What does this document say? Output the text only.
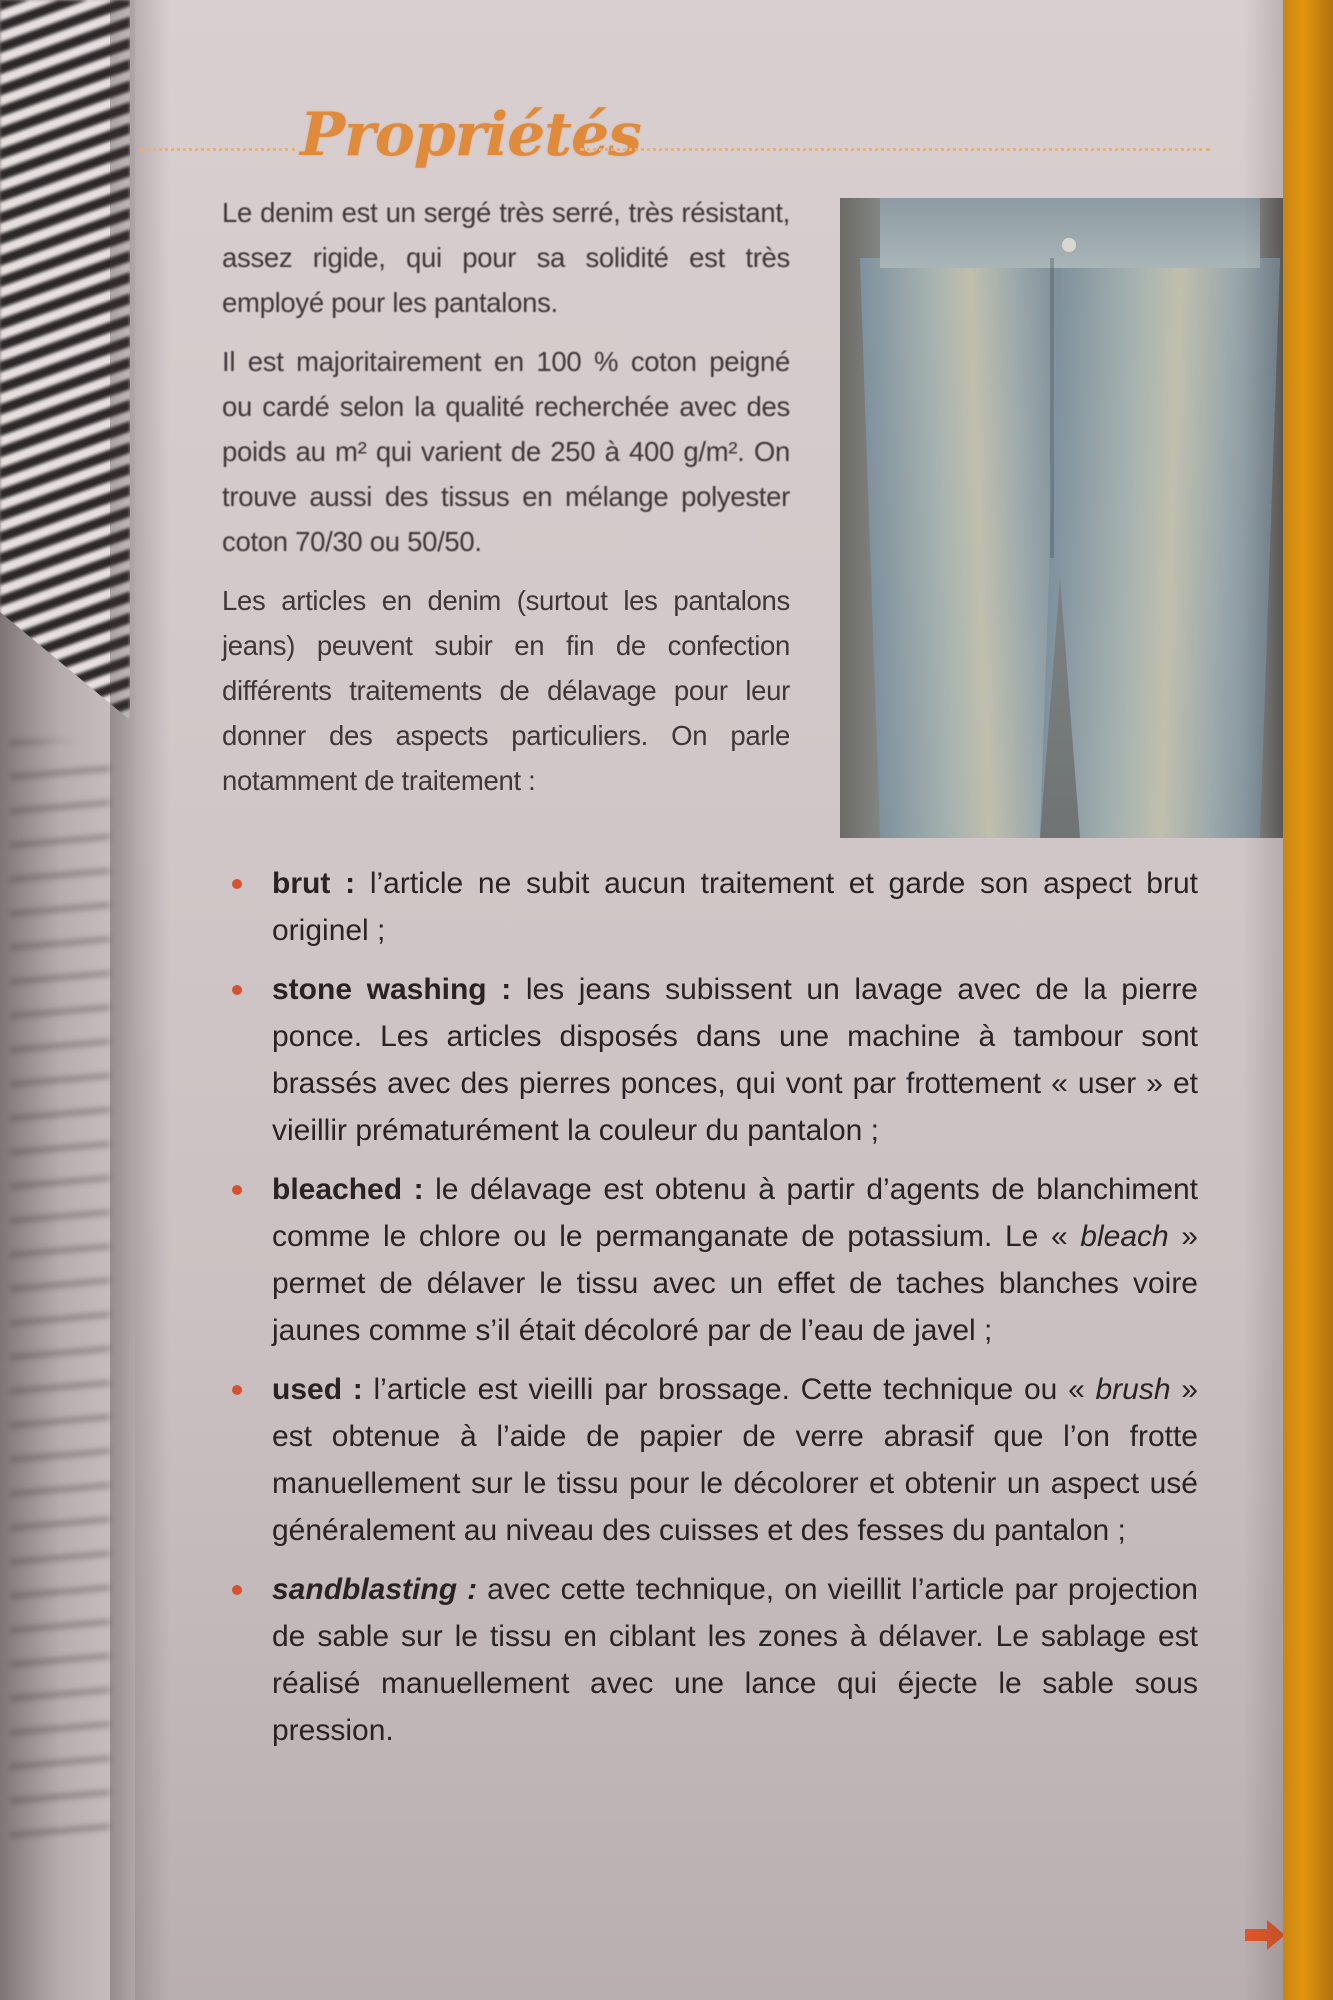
Propriétés

Le denim est un sergé très serré, très résistant, assez rigide, qui pour sa solidité est très employé pour les pantalons.

Il est majoritairement en 100 % coton peigné ou cardé selon la qualité recherchée avec des poids au m² qui varient de 250 à 400 g/m². On trouve aussi des tissus en mélange polyester coton 70/30 ou 50/50.

Les articles en denim (surtout les pantalons jeans) peuvent subir en fin de confection différents traitements de délavage pour leur donner des aspects particuliers. On parle notamment de traitement :

brut : l’article ne subit aucun traitement et garde son aspect brut originel ;
stone washing : les jeans subissent un lavage avec de la pierre ponce. Les articles disposés dans une machine à tambour sont brassés avec des pierres ponces, qui vont par frottement « user » et vieillir prématurément la couleur du pantalon ;
bleached : le délavage est obtenu à partir d’agents de blanchiment comme le chlore ou le permanganate de potassium. Le « bleach » permet de délaver le tissu avec un effet de taches blanches voire jaunes comme s’il était décoloré par de l’eau de javel ;
used : l’article est vieilli par brossage. Cette technique ou « brush » est obtenue à l’aide de papier de verre abrasif que l’on frotte manuellement sur le tissu pour le décolorer et obtenir un aspect usé généralement au niveau des cuisses et des fesses du pantalon ;
sandblasting : avec cette technique, on vieillit l’article par projection de sable sur le tissu en ciblant les zones à délaver. Le sablage est réalisé manuellement avec une lance qui éjecte le sable sous pression.
